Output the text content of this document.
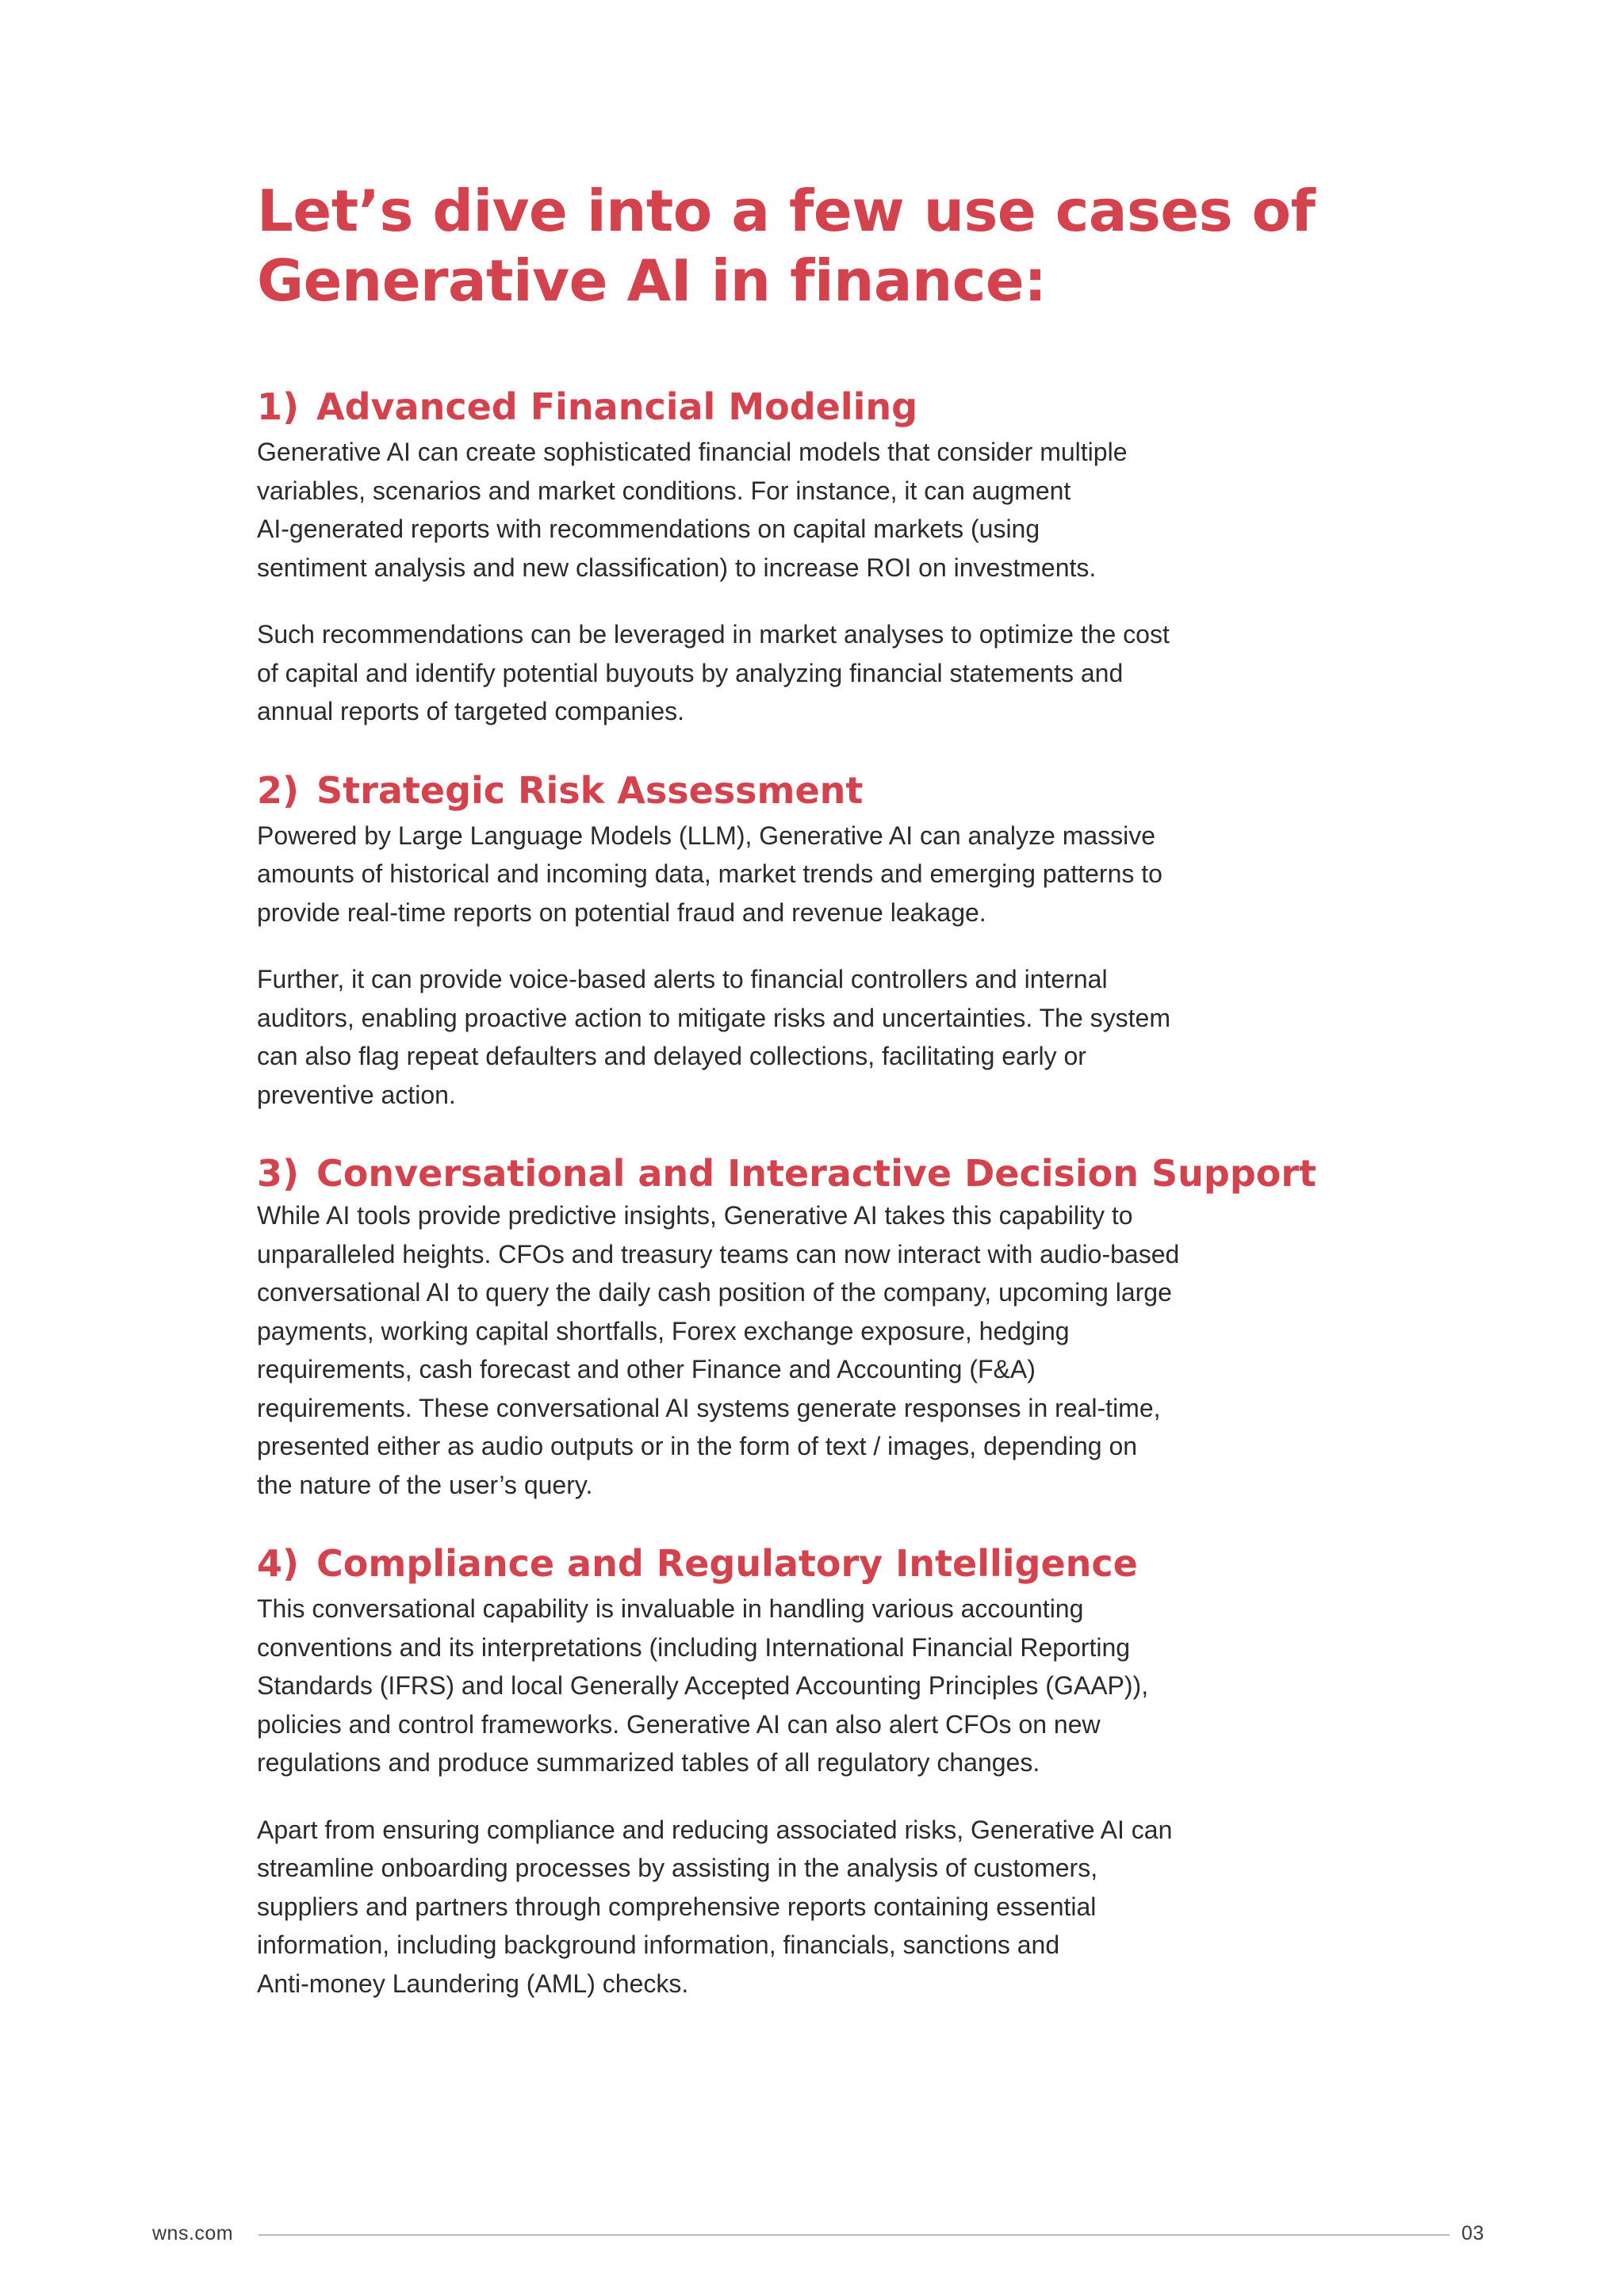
Let’s dive into a few use cases of
Generative AI in finance:
1) Advanced Financial Modeling

Generative AI can create sophisticated financial models that consider multiple
variables, scenarios and market conditions. For instance, it can augment
AI-generated reports with recommendations on capital markets (using
sentiment analysis and new classification) to increase ROI on investments.

Such recommendations can be leveraged in market analyses to optimize the cost
of capital and identify potential buyouts by analyzing financial statements and
annual reports of targeted companies.

2) Strategic Risk Assessment

Powered by Large Language Models (LLM), Generative AI can analyze massive
amounts of historical and incoming data, market trends and emerging patterns to
provide real-time reports on potential fraud and revenue leakage.

Further, it can provide voice-based alerts to financial controllers and internal
auditors, enabling proactive action to mitigate risks and uncertainties. The system
can also flag repeat defaulters and delayed collections, facilitating early or
preventive action.

3) Conversational and Interactive Decision Support

While AI tools provide predictive insights, Generative AI takes this capability to
unparalleled heights. CFOs and treasury teams can now interact with audio-based
conversational AI to query the daily cash position of the company, upcoming large
payments, working capital shortfalls, Forex exchange exposure, hedging
requirements, cash forecast and other Finance and Accounting (F&A)
requirements. These conversational AI systems generate responses in real-time,
presented either as audio outputs or in the form of text / images, depending on
the nature of the user’s query.

4) Compliance and Regulatory Intelligence

This conversational capability is invaluable in handling various accounting
conventions and its interpretations (including International Financial Reporting
Standards (IFRS) and local Generally Accepted Accounting Principles (GAAP)),
policies and control frameworks. Generative AI can also alert CFOs on new
regulations and produce summarized tables of all regulatory changes.

Apart from ensuring compliance and reducing associated risks, Generative AI can
streamline onboarding processes by assisting in the analysis of customers,
suppliers and partners through comprehensive reports containing essential
information, including background information, financials, sanctions and
Anti-money Laundering (AML) checks.

wns.com	03
